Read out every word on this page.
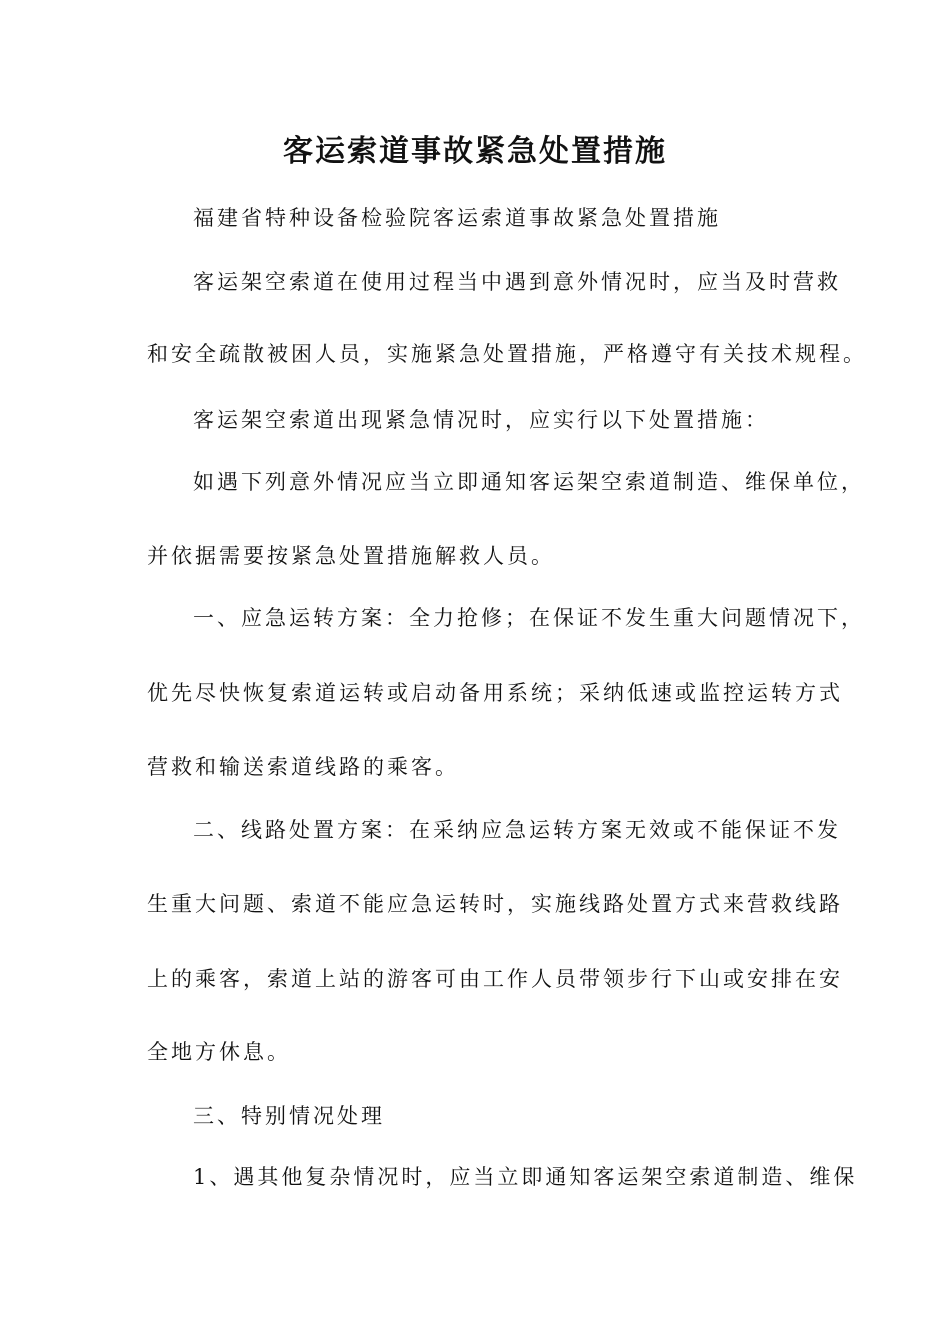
客运索道事故紧急处置措施

福建省特种设备检验院客运索道事故紧急处置措施

客运架空索道在使用过程当中遇到意外情况时，应当及时营救

和安全疏散被困人员，实施紧急处置措施，严格遵守有关技术规程。

客运架空索道出现紧急情况时，应实行以下处置措施：

如遇下列意外情况应当立即通知客运架空索道制造、维保单位，

并依据需要按紧急处置措施解救人员。

一、应急运转方案：全力抢修；在保证不发生重大问题情况下，

优先尽快恢复索道运转或启动备用系统；采纳低速或监控运转方式

营救和输送索道线路的乘客。

二、线路处置方案：在采纳应急运转方案无效或不能保证不发

生重大问题、索道不能应急运转时，实施线路处置方式来营救线路

上的乘客，索道上站的游客可由工作人员带领步行下山或安排在安

全地方休息。

三、特别情况处理

1、遇其他复杂情况时，应当立即通知客运架空索道制造、维保
